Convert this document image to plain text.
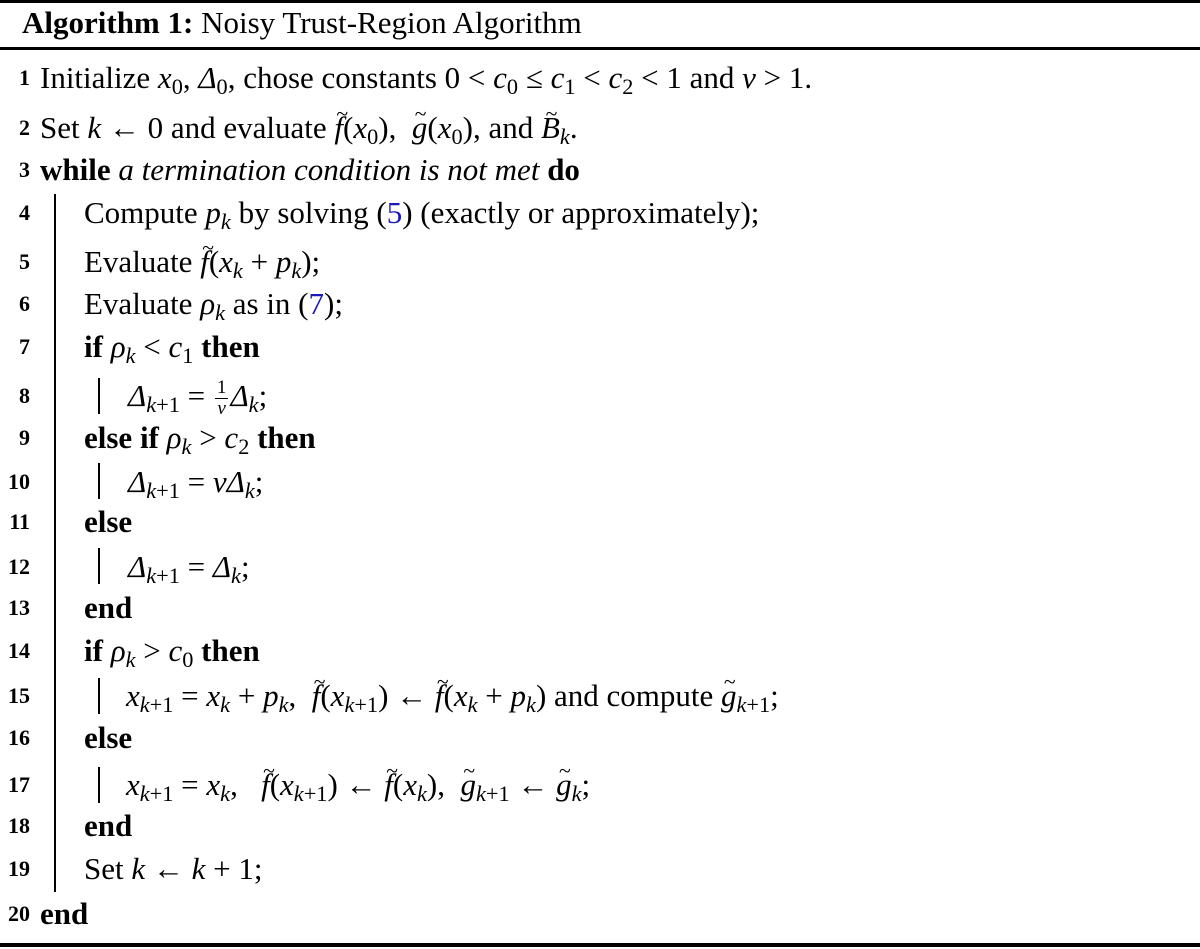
Algorithm 1: Noisy Trust-Region Algorithm
1 Initialize $x_0$, $\Delta_0$, chose constants $0 < c_0 \le c_1 < c_2 < 1$ and ν > 1.
2 Set k ← 0 and evaluate ~ $f(x_0)$,  ~ $g(x_0)$, and ~ $B_k$.
3 while a termination condition is not met do
4 Compute $p_k$ by solving (5) (exactly or approximately);
5 Evaluate ~ $f(x_k + p_k)$;
6 Evaluate $\rho_k$ as in (7);
7 if $\rho_k < c_1$ then
8	$\Delta_{k+1} = \frac{1}{\nu} \Delta_k$;
9 else if $\rho_k > c_2$ then
10	$\Delta_{k+1} = \nu\Delta_k$;
11 else
12	$\Delta_{k+1} = \Delta_k$;
13 end
14 if $\rho_k > c_0$ then
15	$x_{k+1} = x_k + p_k$,  ~ $f(x_{k+1})$ ← ~ $f(x_k + p_k)$ and compute ~ $g_{k+1}$;
16 else
17	$x_{k+1} = x_k$,   ~ $f(x_{k+1})$ ← ~ $f(x_k)$,  ~ $g_{k+1}$ ← ~ $g_k$;
18 end
19 Set k ← k + 1;
20 end
